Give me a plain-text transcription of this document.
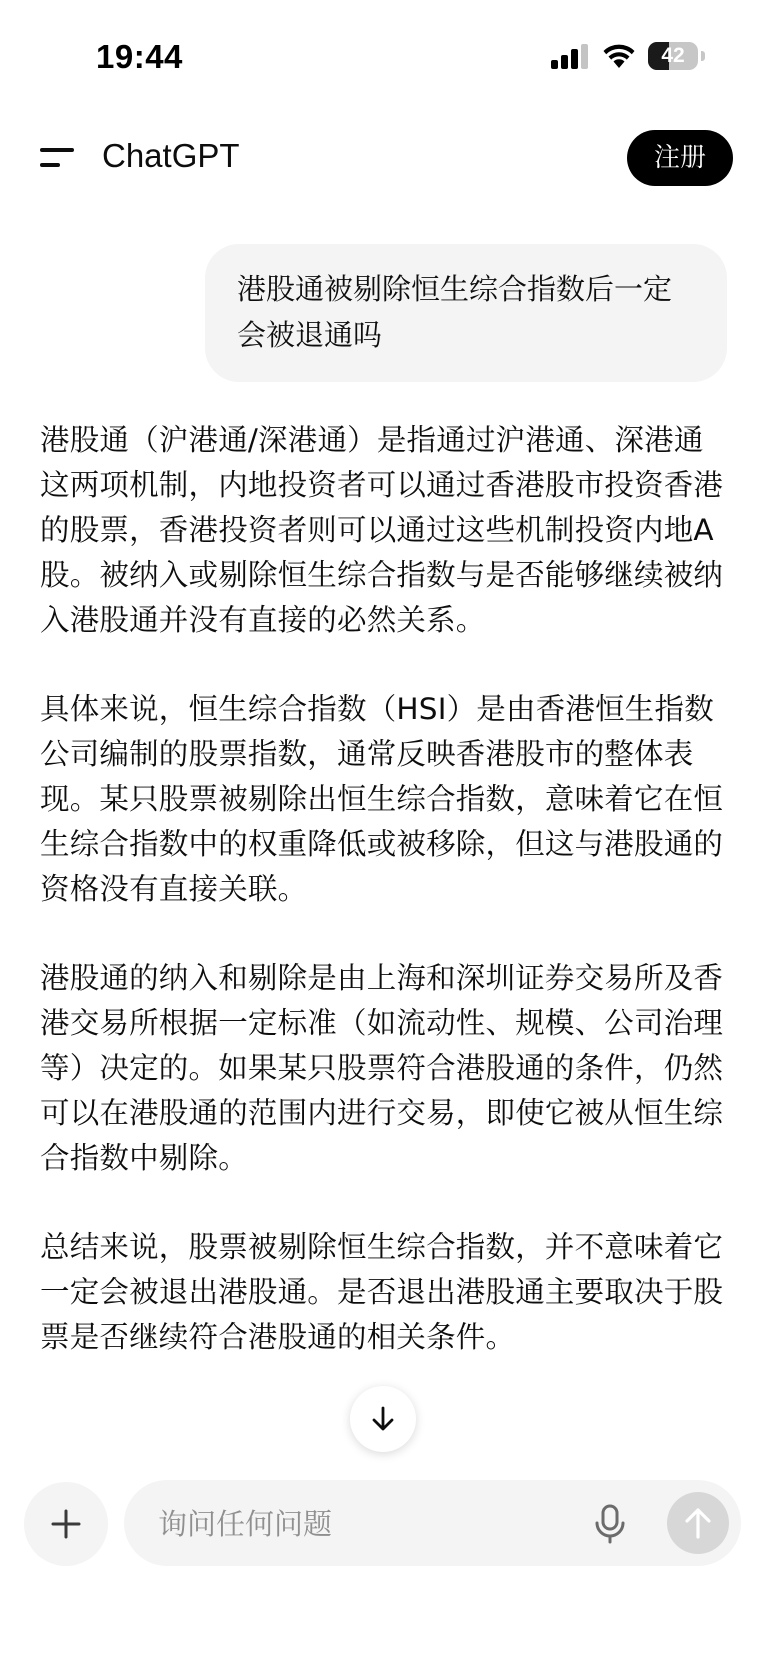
19:44	42
ChatGPT	注册
港股通被剔除恒生综合指数后一定会被退通吗

港股通（沪港通/深港通）是指通过沪港通、深港通这两项机制，内地投资者可以通过香港股市投资香港的股票，香港投资者则可以通过这些机制投资内地A股。被纳入或剔除恒生综合指数与是否能够继续被纳入港股通并没有直接的必然关系。

具体来说，恒生综合指数（HSI）是由香港恒生指数公司编制的股票指数，通常反映香港股市的整体表现。某只股票被剔除出恒生综合指数，意味着它在恒生综合指数中的权重降低或被移除，但这与港股通的资格没有直接关联。

港股通的纳入和剔除是由上海和深圳证券交易所及香港交易所根据一定标准（如流动性、规模、公司治理等）决定的。如果某只股票符合港股通的条件，仍然可以在港股通的范围内进行交易，即使它被从恒生综合指数中剔除。

总结来说，股票被剔除恒生综合指数，并不意味着它一定会被退出港股通。是否退出港股通主要取决于股票是否继续符合港股通的相关条件。

询问任何问题
